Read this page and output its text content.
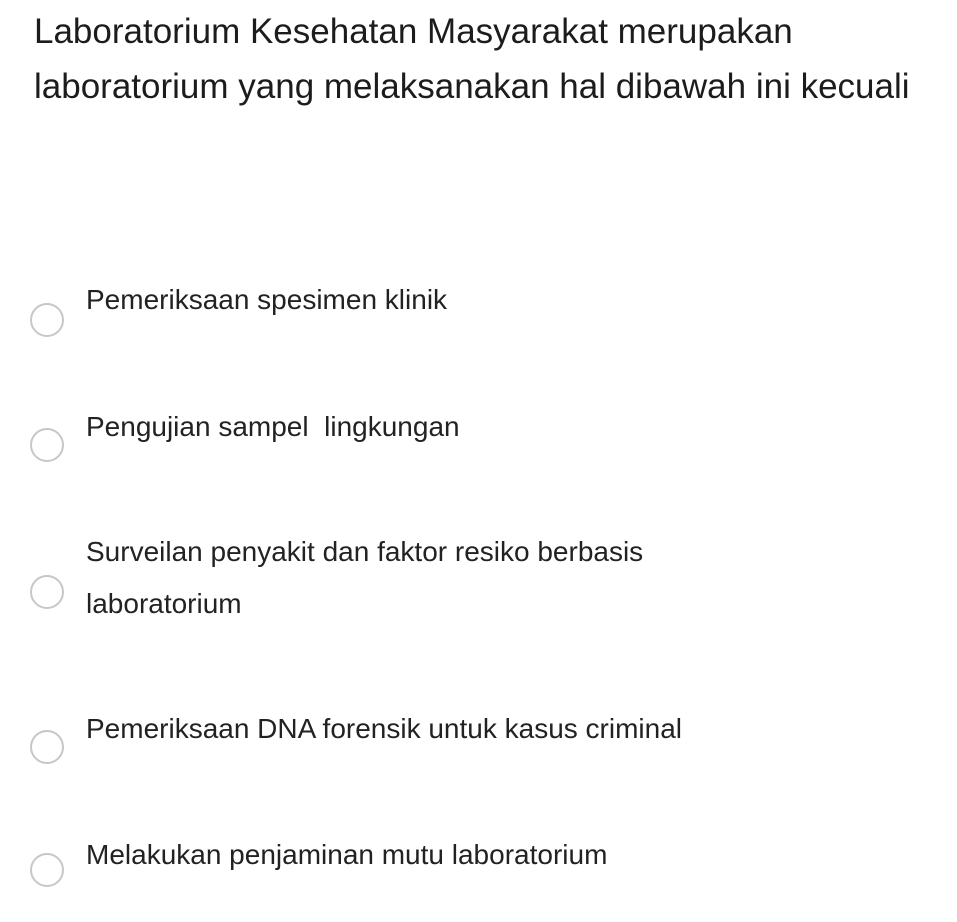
Laboratorium Kesehatan Masyarakat merupakan laboratorium yang melaksanakan hal dibawah ini kecuali
Pemeriksaan spesimen klinik
Pengujian sampel  lingkungan
Surveilan penyakit dan faktor resiko berbasis laboratorium
Pemeriksaan DNA forensik untuk kasus criminal
Melakukan penjaminan mutu laboratorium
